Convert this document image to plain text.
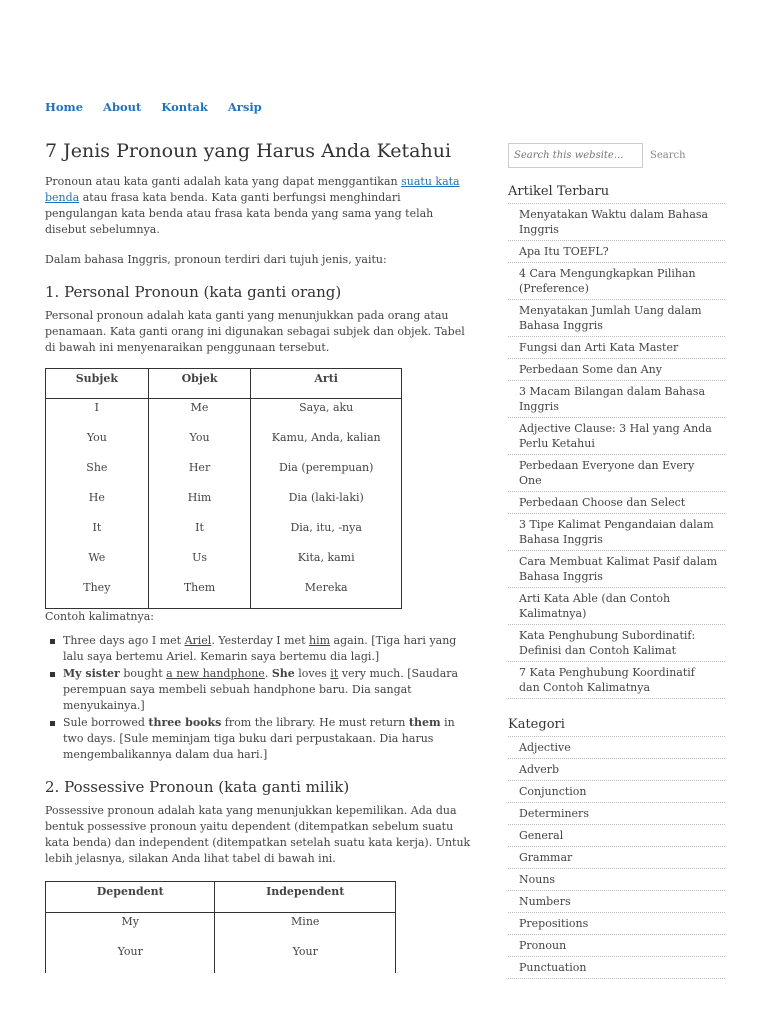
Home About Kontak Arsip
7 Jenis Pronoun yang Harus Anda Ketahui

Pronoun atau kata ganti adalah kata yang dapat menggantikan suatu kata benda atau frasa kata benda. Kata ganti berfungsi menghindari pengulangan kata benda atau frasa kata benda yang sama yang telah disebut sebelumnya.

Dalam bahasa Inggris, pronoun terdiri dari tujuh jenis, yaitu:

1. Personal Pronoun (kata ganti orang)

Personal pronoun adalah kata ganti yang menunjukkan pada orang atau penamaan. Kata ganti orang ini digunakan sebagai subjek dan objek. Tabel di bawah ini menyenaraikan penggunaan tersebut.

Subjek	Objek	Arti
I	Me	Saya, aku
You	You	Kamu, Anda, kalian
She	Her	Dia (perempuan)
He	Him	Dia (laki-laki)
It	It	Dia, itu, -nya
We	Us	Kita, kami
They	Them	Mereka

Contoh kalimatnya:

Three days ago I met Ariel. Yesterday I met him again. [Tiga hari yang lalu saya bertemu Ariel. Kemarin saya bertemu dia lagi.]
My sister bought a new handphone. She loves it very much. [Saudara perempuan saya membeli sebuah handphone baru. Dia sangat menyukainya.]
Sule borrowed three books from the library. He must return them in two days. [Sule meminjam tiga buku dari perpustakaan. Dia harus mengembalikannya dalam dua hari.]
2. Possessive Pronoun (kata ganti milik)

Possessive pronoun adalah kata yang menunjukkan kepemilikan. Ada dua bentuk possessive pronoun yaitu dependent (ditempatkan sebelum suatu kata benda) dan independent (ditempatkan setelah suatu kata kerja). Untuk lebih jelasnya, silakan Anda lihat tabel di bawah ini.

Dependent	Independent
My	Mine
Your	Your
Search this website...
Search
Artikel Terbaru
Menyatakan Waktu dalam Bahasa Inggris
Apa Itu TOEFL?
4 Cara Mengungkapkan Pilihan (Preference)
Menyatakan Jumlah Uang dalam Bahasa Inggris
Fungsi dan Arti Kata Master
Perbedaan Some dan Any
3 Macam Bilangan dalam Bahasa Inggris
Adjective Clause: 3 Hal yang Anda Perlu Ketahui
Perbedaan Everyone dan Every One
Perbedaan Choose dan Select
3 Tipe Kalimat Pengandaian dalam Bahasa Inggris
Cara Membuat Kalimat Pasif dalam Bahasa Inggris
Arti Kata Able (dan Contoh Kalimatnya)
Kata Penghubung Subordinatif: Definisi dan Contoh Kalimat
7 Kata Penghubung Koordinatif dan Contoh Kalimatnya
Kategori
Adjective
Adverb
Conjunction
Determiners
General
Grammar
Nouns
Numbers
Prepositions
Pronoun
Punctuation
